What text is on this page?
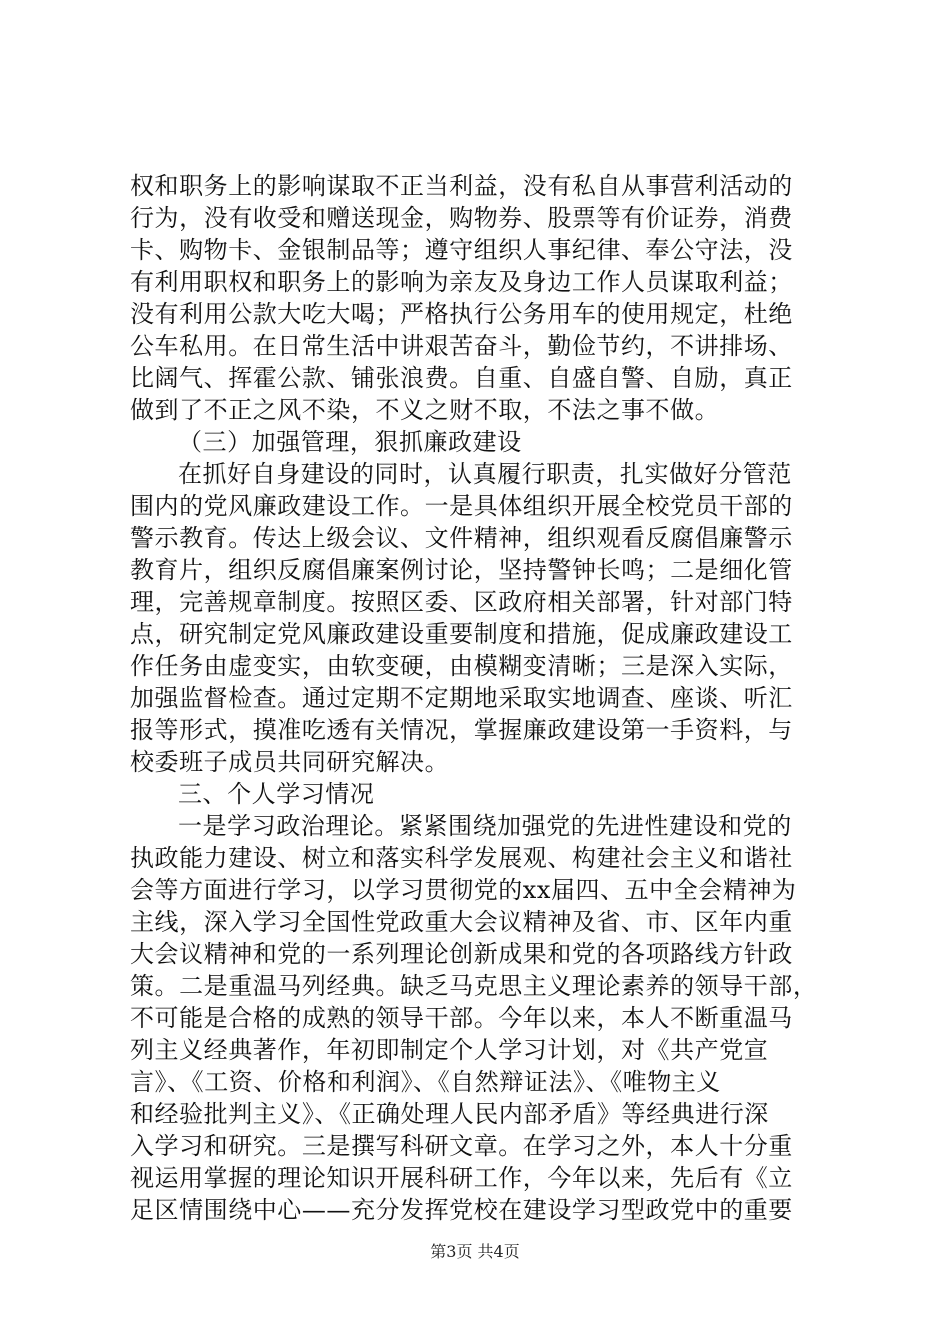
权和职务上的影响谋取不正当利益，没有私自从事营利活动的
行为，没有收受和赠送现金，购物券、股票等有价证券，消费
卡、购物卡、金银制品等；遵守组织人事纪律、奉公守法，没
有利用职权和职务上的影响为亲友及身边工作人员谋取利益；
没有利用公款大吃大喝；严格执行公务用车的使用规定，杜绝
公车私用。在日常生活中讲艰苦奋斗，勤俭节约，不讲排场、
比阔气、挥霍公款、铺张浪费。自重、自盛自警、自励，真正
做到了不正之风不染，不义之财不取，不法之事不做。
（三）加强管理，狠抓廉政建设
在抓好自身建设的同时，认真履行职责，扎实做好分管范
围内的党风廉政建设工作。一是具体组织开展全校党员干部的
警示教育。传达上级会议、文件精神，组织观看反腐倡廉警示
教育片，组织反腐倡廉案例讨论，坚持警钟长鸣；二是细化管
理，完善规章制度。按照区委、区政府相关部署，针对部门特
点，研究制定党风廉政建设重要制度和措施，促成廉政建设工
作任务由虚变实，由软变硬，由模糊变清晰；三是深入实际，
加强监督检查。通过定期不定期地采取实地调查、座谈、听汇
报等形式，摸准吃透有关情况，掌握廉政建设第一手资料，与
校委班子成员共同研究解决。
三、个人学习情况
一是学习政治理论。紧紧围绕加强党的先进性建设和党的
执政能力建设、树立和落实科学发展观、构建社会主义和谐社
会等方面进行学习，以学习贯彻党的xx届四、五中全会精神为
主线，深入学习全国性党政重大会议精神及省、市、区年内重
大会议精神和党的一系列理论创新成果和党的各项路线方针政
策。二是重温马列经典。缺乏马克思主义理论素养的领导干部，
不可能是合格的成熟的领导干部。今年以来，本人不断重温马
列主义经典著作，年初即制定个人学习计划，对《共产党宣
言》、《工资、价格和利润》、《自然辩证法》、《唯物主义
和经验批判主义》、《正确处理人民内部矛盾》等经典进行深
入学习和研究。三是撰写科研文章。在学习之外，本人十分重
视运用掌握的理论知识开展科研工作，今年以来，先后有《立
足区情围绕中心——充分发挥党校在建设学习型政党中的重要
第3页 共4页
